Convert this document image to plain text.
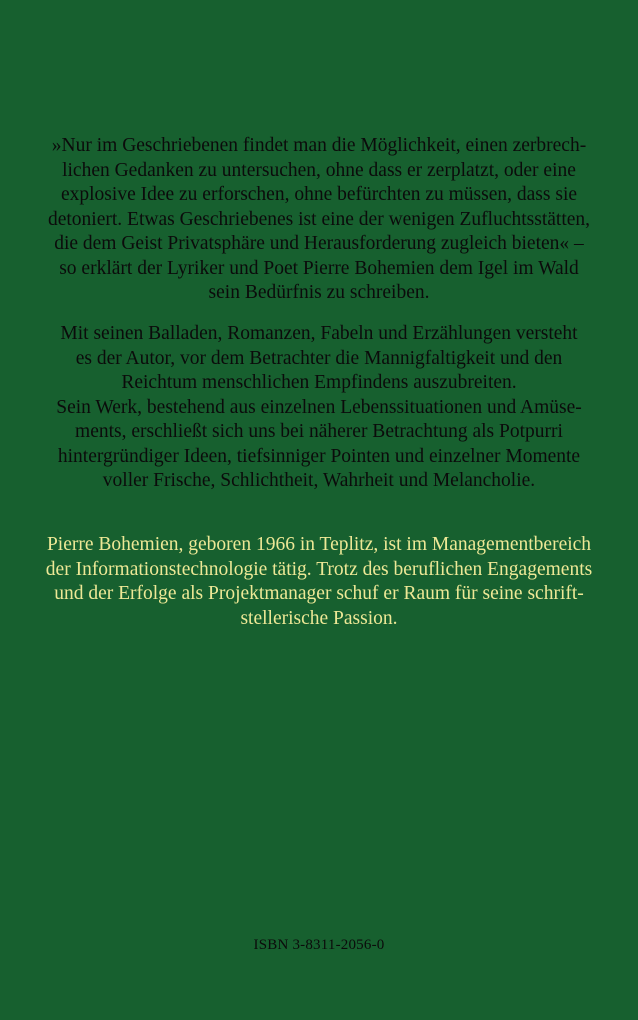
»Nur im Geschriebenen findet man die Möglichkeit, einen zerbrech-
lichen Gedanken zu untersuchen, ohne dass er zerplatzt, oder eine
explosive Idee zu erforschen, ohne befürchten zu müssen, dass sie
detoniert. Etwas Geschriebenes ist eine der wenigen Zufluchtsstätten,
die dem Geist Privatsphäre und Herausforderung zugleich bieten« –
so erklärt der Lyriker und Poet Pierre Bohemien dem Igel im Wald
sein Bedürfnis zu schreiben.

Mit seinen Balladen, Romanzen, Fabeln und Erzählungen versteht
es der Autor, vor dem Betrachter die Mannigfaltigkeit und den
Reichtum menschlichen Empfindens auszubreiten.
Sein Werk, bestehend aus einzelnen Lebenssituationen und Amüse-
ments, erschließt sich uns bei näherer Betrachtung als Potpurri
hintergründiger Ideen, tiefsinniger Pointen und einzelner Momente
voller Frische, Schlichtheit, Wahrheit und Melancholie.

Pierre Bohemien, geboren 1966 in Teplitz, ist im Managementbereich
der Informationstechnologie tätig. Trotz des beruflichen Engagements
und der Erfolge als Projektmanager schuf er Raum für seine schrift-
stellerische Passion.

ISBN 3-8311-2056-0
